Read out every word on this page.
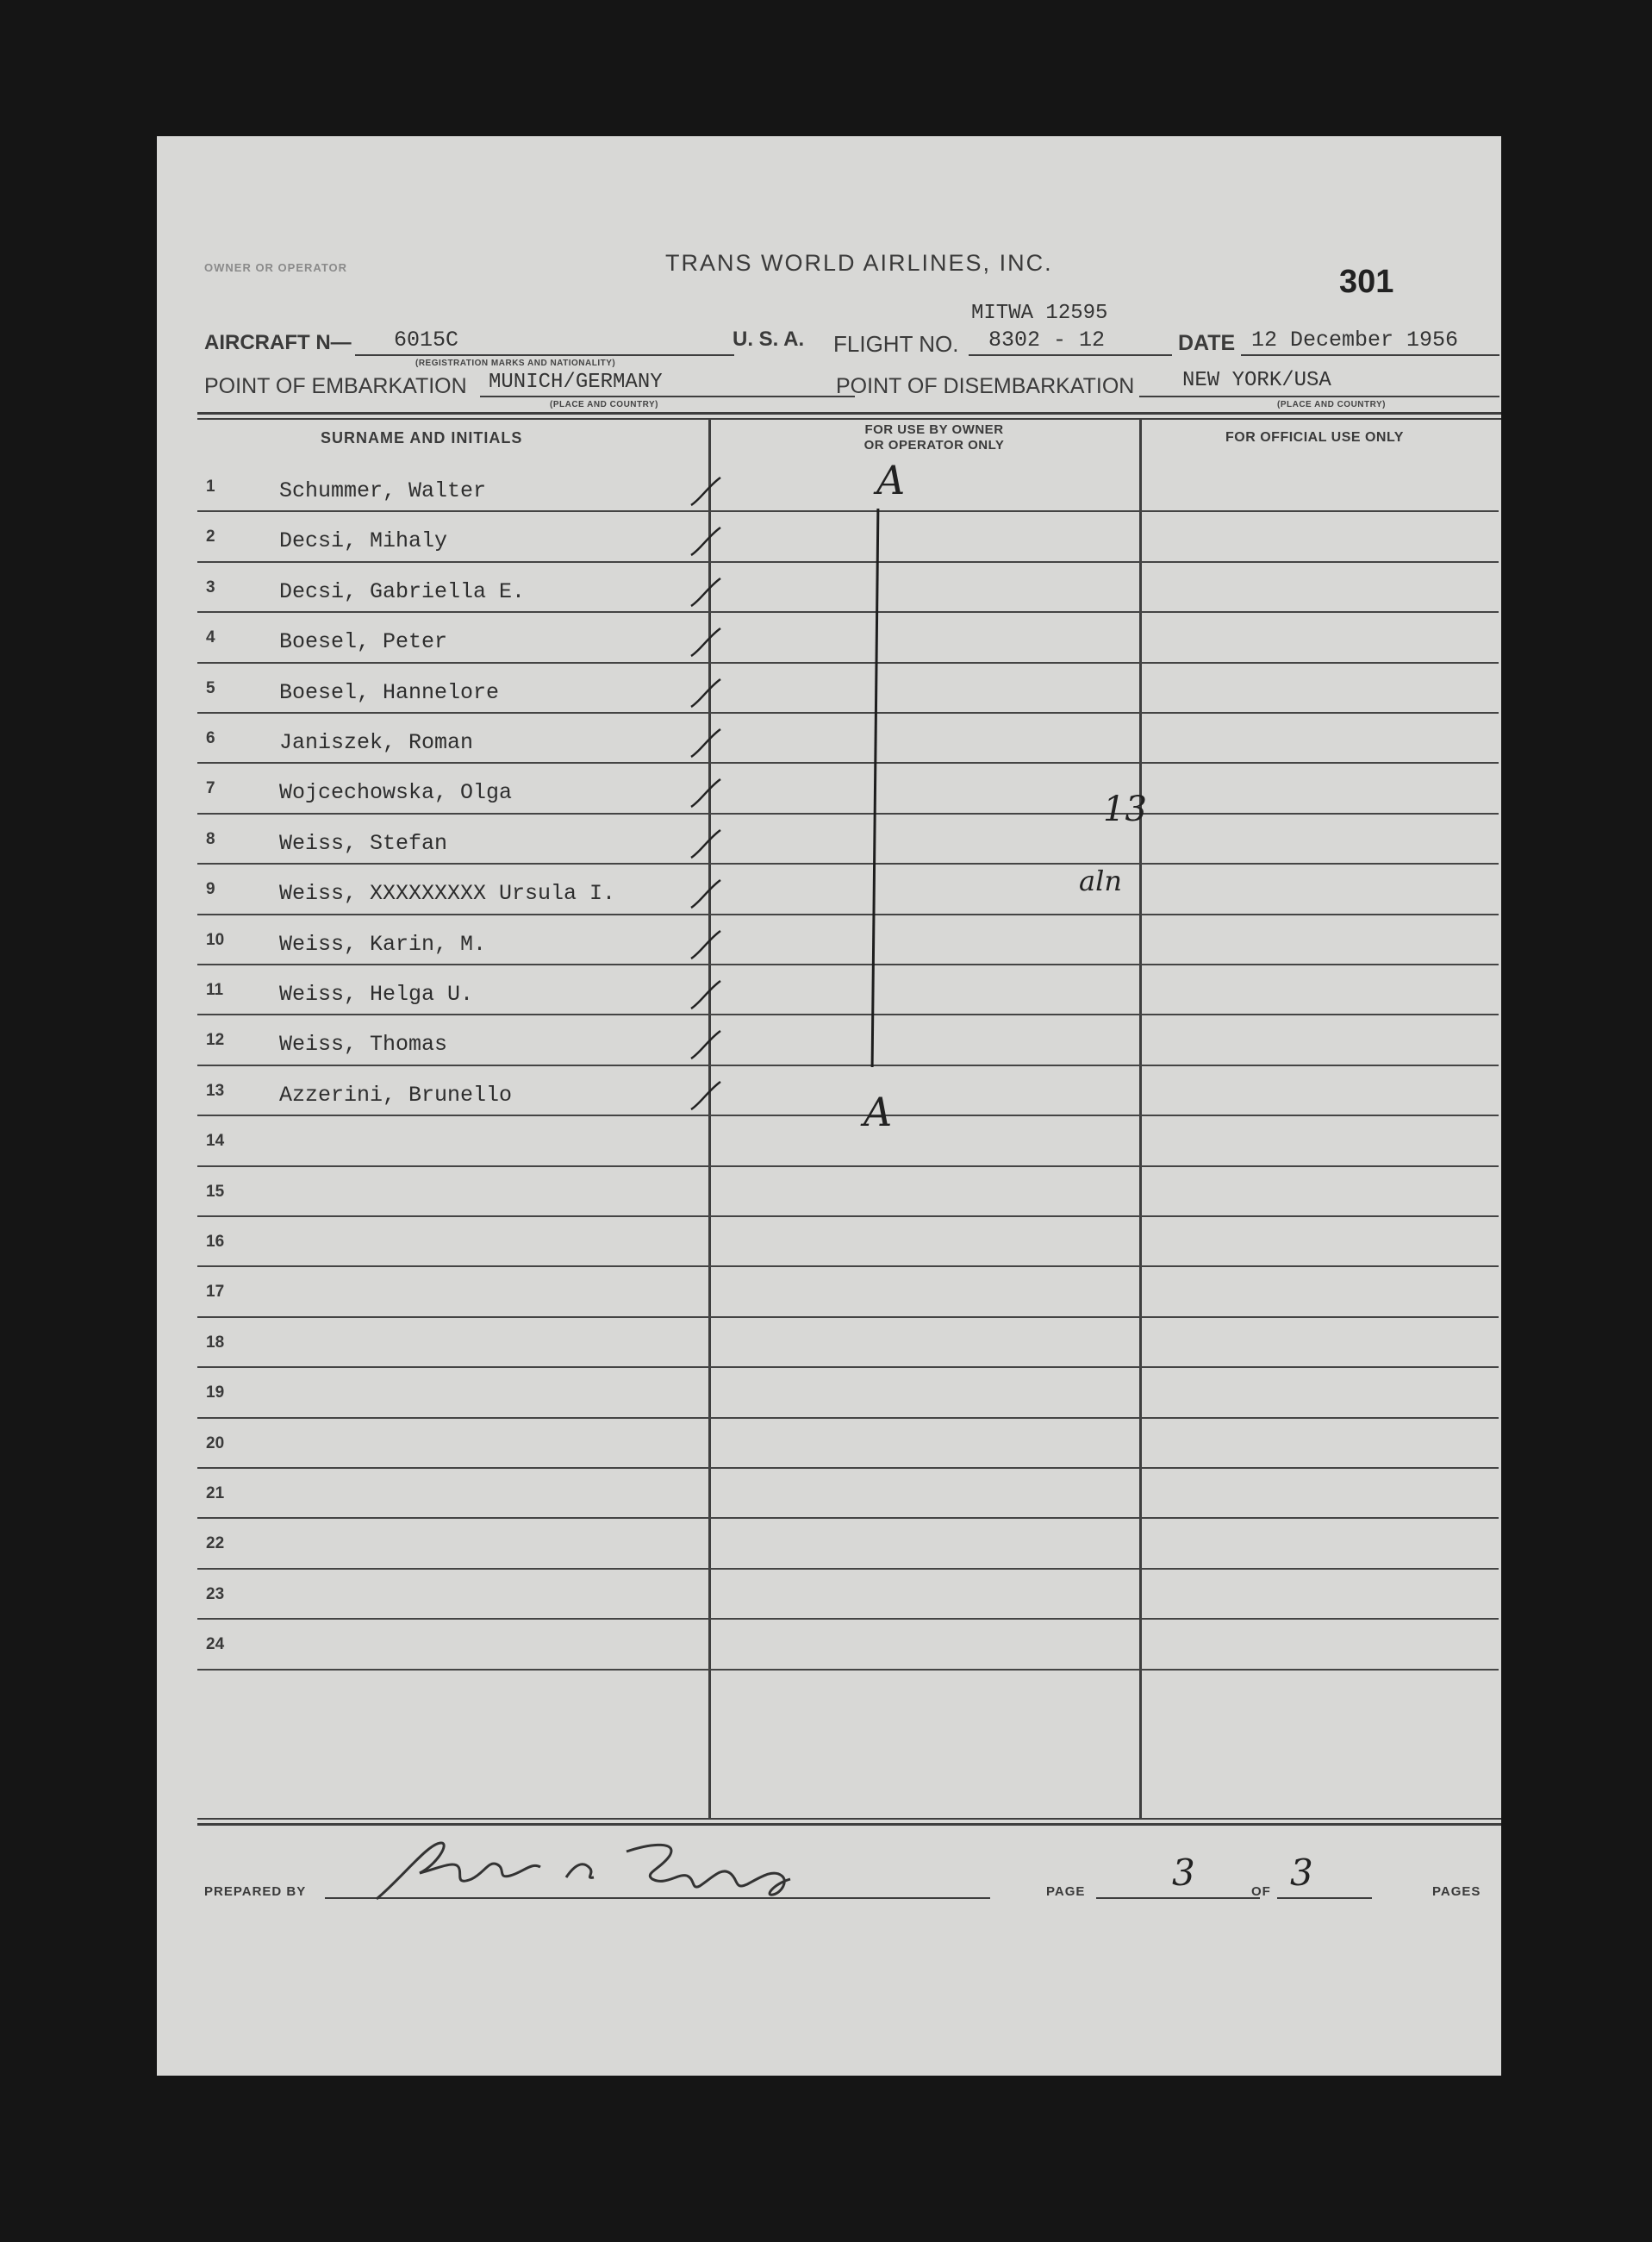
OWNER OR OPERATOR	TRANS WORLD AIRLINES, INC.
301
MITWA 12595
AIRCRAFT N— 6015C
(REGISTRATION MARKS AND NATIONALITY)
U. S. A. FLIGHT NO. 8302 - 12	DATE 12 December 1956
POINT OF EMBARKATION MUNICH/GERMANY
(PLACE AND COUNTRY)
POINT OF DISEMBARKATION NEW YORK/USA
(PLACE AND COUNTRY)
SURNAME AND INITIALS	FOR USE BY OWNER
OR OPERATOR ONLY
FOR OFFICIAL USE ONLY
1	Schummer, Walter
2	Decsi, Mihaly
3	Decsi, Gabriella E.
4	Boesel, Peter
5	Boesel, Hannelore
6	Janiszek, Roman
7	Wojcechowska, Olga
8	Weiss, Stefan
9	Weiss, XXXXXXXXX Ursula I.
10	Weiss, Karin, M.
11	Weiss, Helga U.
12	Weiss, Thomas
13	Azzerini, Brunello
14
15
16
17
18
19
20
21
22
23
24
A
A
13
aln
PREPARED BY	PAGE 3	OF 3	PAGES
